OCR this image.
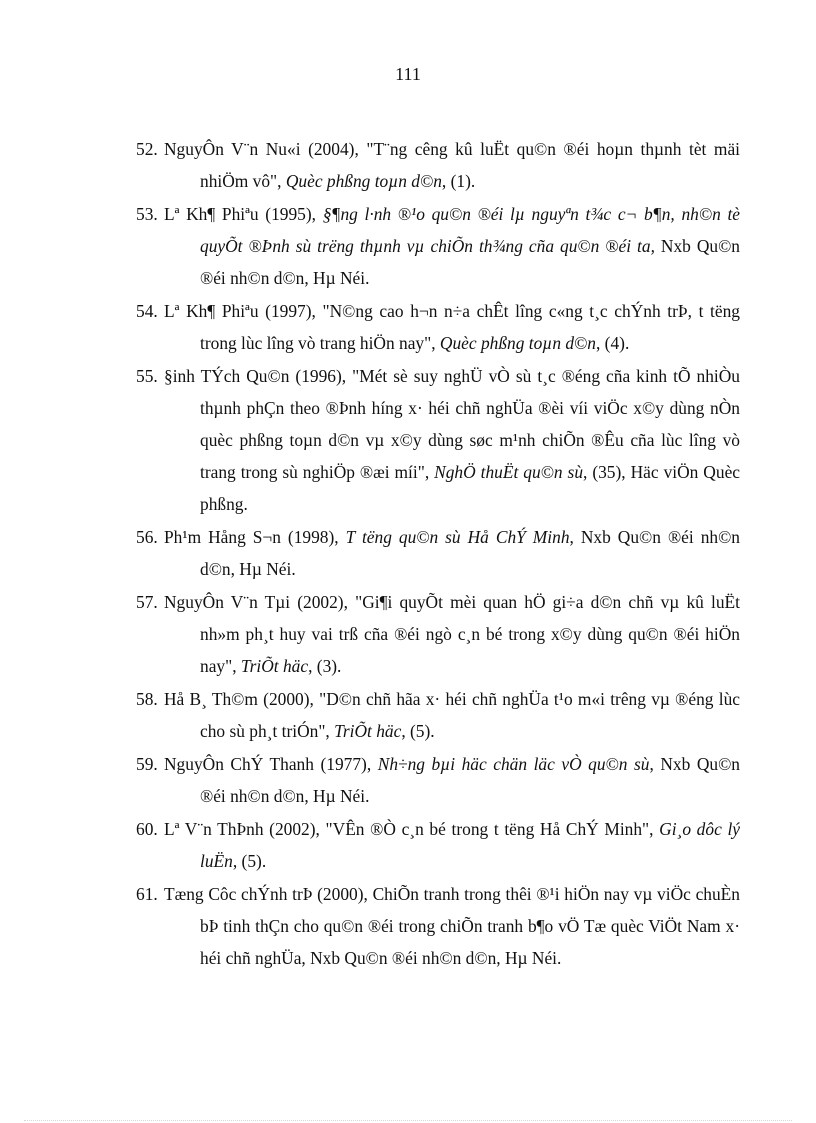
111
52. NguyÔn V¨n Nu«i (2004), "T¨ng cêng kû luËt qu©n ®éi hoµn thµnh tèt mäi nhiÖm vô", Quèc phßng toµn d©n, (1).
53. Lª Kh¶ Phiªu (1995), §¶ng l·nh ®¹o qu©n ®éi lµ nguyªn t¾c c¬ b¶n, nh©n tè quyÕt ®Þnh sù trëng thµnh vµ chiÕn th¾ng cña qu©n ®éi ta, Nxb Qu©n ®éi nh©n d©n, Hµ Néi.
54. Lª Kh¶ Phiªu (1997), "N©ng cao h¬n n÷a chÊt lîng c«ng t¸c chÝnh trÞ, t tëng trong lùc lîng vò trang hiÖn nay", Quèc phßng toµn d©n, (4).
55. §inh TÝch Qu©n (1996), "Mét sè suy nghÜ vÒ sù t¸c ®éng cña kinh tÕ nhiÒu thµnh phÇn theo ®Þnh híng x· héi chñ nghÜa ®èi víi viÖc x©y dùng nÒn quèc phßng toµn d©n vµ x©y dùng søc m¹nh chiÕn ®Êu cña lùc lîng vò trang trong sù nghiÖp ®æi míi", NghÖ thuËt qu©n sù, (35), Häc viÖn Quèc phßng.
56. Ph¹m Hång S¬n (1998), T tëng qu©n sù Hå ChÝ Minh, Nxb Qu©n ®éi nh©n d©n, Hµ Néi.
57. NguyÔn V¨n Tµi (2002), "Gi¶i quyÕt mèi quan hÖ gi÷a d©n chñ vµ kû luËt nh»m ph¸t huy vai trß cña ®éi ngò c¸n bé trong x©y dùng qu©n ®éi hiÖn nay", TriÕt häc, (3).
58. Hå B¸ Th©m (2000), "D©n chñ hãa x· héi chñ nghÜa t¹o m«i trêng vµ ®éng lùc cho sù ph¸t triÓn", TriÕt häc, (5).
59. NguyÔn ChÝ Thanh (1977), Nh÷ng bµi häc chän läc vÒ qu©n sù, Nxb Qu©n ®éi nh©n d©n, Hµ Néi.
60. Lª V¨n ThÞnh (2002), "VÊn ®Ò c¸n bé trong t tëng Hå ChÝ Minh", Gi¸o dôc lý luËn, (5).
61. Tæng Côc chÝnh trÞ (2000), ChiÕn tranh trong thêi ®¹i hiÖn nay vµ viÖc chuÈn bÞ tinh thÇn cho qu©n ®éi trong chiÕn tranh b¶o vÖ Tæ quèc ViÖt Nam x· héi chñ nghÜa, Nxb Qu©n ®éi nh©n d©n, Hµ Néi.
